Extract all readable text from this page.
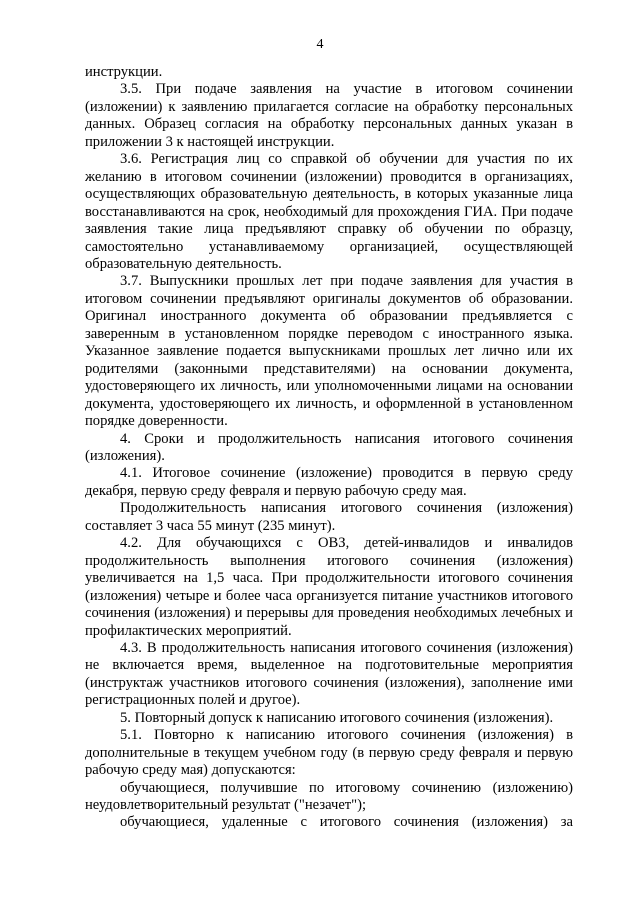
4

инструкции.

3.5. При подаче заявления на участие в итоговом сочинении (изложении) к заявлению прилагается согласие на обработку персональных данных. Образец согласия на обработку персональных данных указан в приложении 3 к настоящей инструкции.

3.6. Регистрация лиц со справкой об обучении для участия по их желанию в итоговом сочинении (изложении) проводится в организациях, осуществляющих образовательную деятельность, в которых указанные лица восстанавливаются на срок, необходимый для прохождения ГИА. При подаче заявления такие лица предъявляют справку об обучении по образцу, самостоятельно устанавливаемому организацией, осуществляющей образовательную деятельность.

3.7. Выпускники прошлых лет при подаче заявления для участия в итоговом сочинении предъявляют оригиналы документов об образовании. Оригинал иностранного документа об образовании предъявляется с заверенным в установленном порядке переводом с иностранного языка. Указанное заявление подается выпускниками прошлых лет лично или их родителями (законными представителями) на основании документа, удостоверяющего их личность, или уполномоченными лицами на основании документа, удостоверяющего их личность, и оформленной в установленном порядке доверенности.

4. Сроки и продолжительность написания итогового сочинения (изложения).

4.1. Итоговое сочинение (изложение) проводится в первую среду декабря, первую среду февраля и первую рабочую среду мая.

Продолжительность написания итогового сочинения (изложения) составляет 3 часа 55 минут (235 минут).

4.2. Для обучающихся с ОВЗ, детей-инвалидов и инвалидов продолжительность выполнения итогового сочинения (изложения) увеличивается на 1,5 часа. При продолжительности итогового сочинения (изложения) четыре и более часа организуется питание участников итогового сочинения (изложения) и перерывы для проведения необходимых лечебных и профилактических мероприятий.

4.3. В продолжительность написания итогового сочинения (изложения) не включается время, выделенное на подготовительные мероприятия (инструктаж участников итогового сочинения (изложения), заполнение ими регистрационных полей и другое).

5. Повторный допуск к написанию итогового сочинения (изложения).

5.1. Повторно к написанию итогового сочинения (изложения) в дополнительные в текущем учебном году (в первую среду февраля и первую рабочую среду мая) допускаются:

обучающиеся, получившие по итоговому сочинению (изложению) неудовлетворительный результат ("незачет");

обучающиеся, удаленные с итогового сочинения (изложения) за
